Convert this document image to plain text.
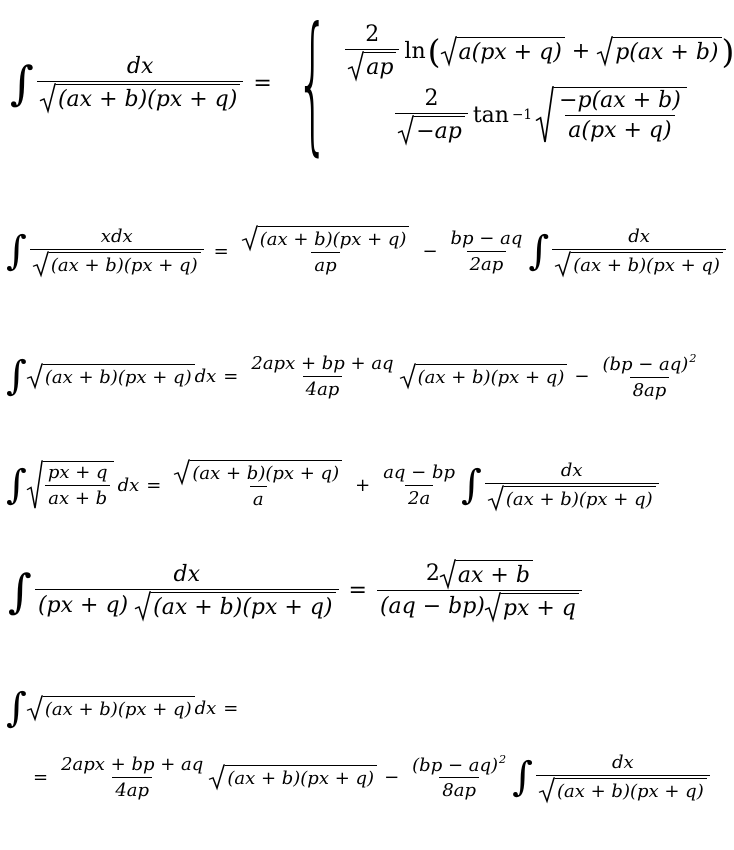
∫ $\frac{dx}{(ax + b)(px + q)}$ = { $\frac{2}{ap}$ ln ( a(px + q) + p(ax + b) )
$\frac{2}{-ap}$ $\tan -1 \frac{-p(ax + b)}{a(px + q)}$
∫ $\frac{\text{xdx}}{(ax + b)(px + q)} = \frac{(ax + b)(px + q)}{ap} - \frac{bp - aq}{2ap}$ ∫ $\frac{dx}{(ax + b)(px + q)}$
∫ (ax + b)(px + q) dx = $\frac{\text{2apx + bp + aq}}{4ap} (ax + b)(px + q) - \frac{(bp - aq)^2}{8ap}$
∫ $\frac{px + q}{ax + b}$ dx = $\frac{(ax + b)(px + q)}{a} + \frac{aq - bp}{2a}$ ∫ $\frac{dx}{(ax + b)(px + q)}$
∫ $\frac{dx}{(px + q) (ax + b)(px + q)} = \frac{2 ax + b}{(aq - bp) px + q}$
∫ (ax + b)(px + q) dx =
= $\frac{\text{2apx + bp + aq}}{4ap} (ax + b)(px + q) - \frac{(bp - aq)^2}{8ap}$ ∫ $\frac{dx}{(ax + b)(px + q)}$
